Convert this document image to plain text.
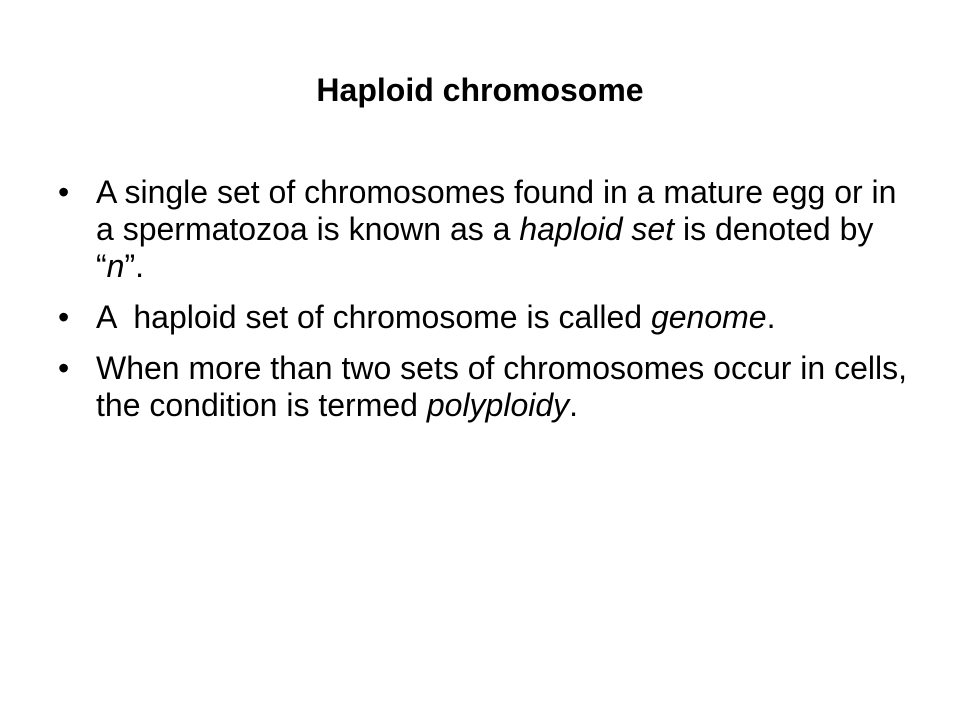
Haploid chromosome
• A single set of chromosomes found in a mature egg or in a spermatozoa is known as a haploid set is denoted by “n”.
• A  haploid set of chromosome is called genome.
• When more than two sets of chromosomes occur in cells, the condition is termed polyploidy.
